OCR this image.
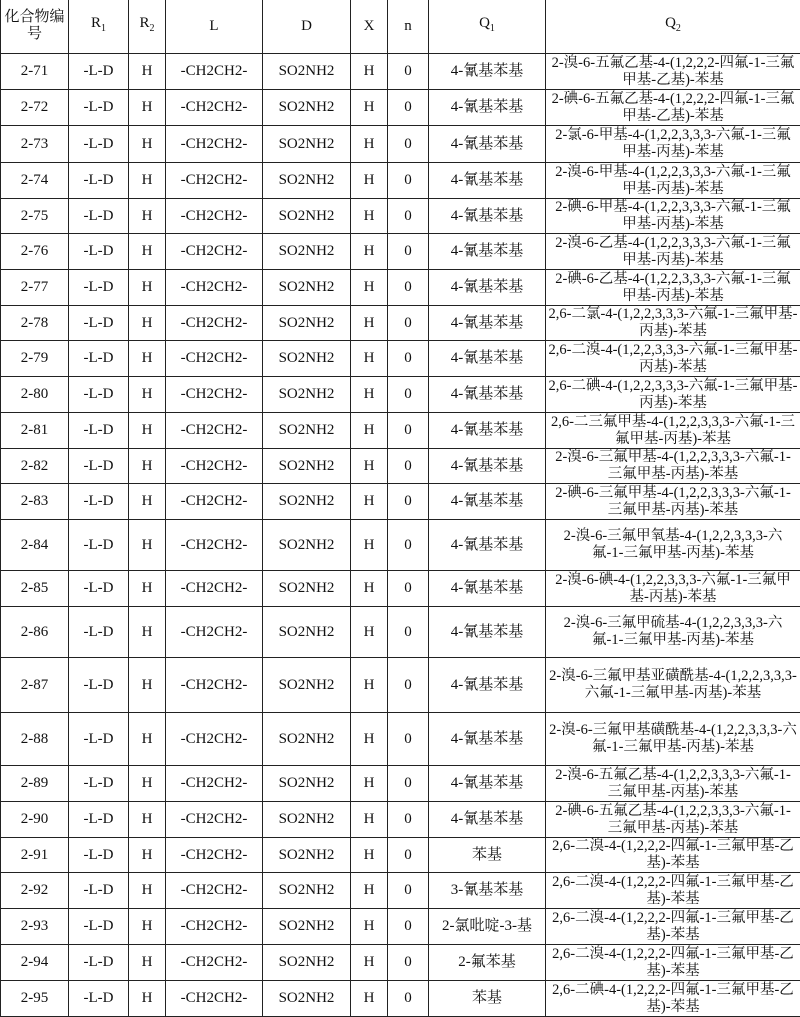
化合物编号	R1	R2	L	D	X	n	Q1	Q2
2-71	-L-D	H	-CH2CH2-	SO2NH2	H	0	4-氰基苯基	2-溴-6-五氟乙基-4-(1,2,2,2-四氟-1-三氟甲基-乙基)-苯基
2-72	-L-D	H	-CH2CH2-	SO2NH2	H	0	4-氰基苯基	2-碘-6-五氟乙基-4-(1,2,2,2-四氟-1-三氟甲基-乙基)-苯基
2-73	-L-D	H	-CH2CH2-	SO2NH2	H	0	4-氰基苯基	2-氯-6-甲基-4-(1,2,2,3,3,3-六氟-1-三氟甲基-丙基)-苯基
2-74	-L-D	H	-CH2CH2-	SO2NH2	H	0	4-氰基苯基	2-溴-6-甲基-4-(1,2,2,3,3,3-六氟-1-三氟甲基-丙基)-苯基
2-75	-L-D	H	-CH2CH2-	SO2NH2	H	0	4-氰基苯基	2-碘-6-甲基-4-(1,2,2,3,3,3-六氟-1-三氟甲基-丙基)-苯基
2-76	-L-D	H	-CH2CH2-	SO2NH2	H	0	4-氰基苯基	2-溴-6-乙基-4-(1,2,2,3,3,3-六氟-1-三氟甲基-丙基)-苯基
2-77	-L-D	H	-CH2CH2-	SO2NH2	H	0	4-氰基苯基	2-碘-6-乙基-4-(1,2,2,3,3,3-六氟-1-三氟甲基-丙基)-苯基
2-78	-L-D	H	-CH2CH2-	SO2NH2	H	0	4-氰基苯基	2,6-二氯-4-(1,2,2,3,3,3-六氟-1-三氟甲基-丙基)-苯基
2-79	-L-D	H	-CH2CH2-	SO2NH2	H	0	4-氰基苯基	2,6-二溴-4-(1,2,2,3,3,3-六氟-1-三氟甲基-丙基)-苯基
2-80	-L-D	H	-CH2CH2-	SO2NH2	H	0	4-氰基苯基	2,6-二碘-4-(1,2,2,3,3,3-六氟-1-三氟甲基-丙基)-苯基
2-81	-L-D	H	-CH2CH2-	SO2NH2	H	0	4-氰基苯基	2,6-二三氟甲基-4-(1,2,2,3,3,3-六氟-1-三氟甲基-丙基)-苯基
2-82	-L-D	H	-CH2CH2-	SO2NH2	H	0	4-氰基苯基	2-溴-6-三氟甲基-4-(1,2,2,3,3,3-六氟-1-三氟甲基-丙基)-苯基
2-83	-L-D	H	-CH2CH2-	SO2NH2	H	0	4-氰基苯基	2-碘-6-三氟甲基-4-(1,2,2,3,3,3-六氟-1-三氟甲基-丙基)-苯基
2-84	-L-D	H	-CH2CH2-	SO2NH2	H	0	4-氰基苯基	2-溴-6-三氟甲氧基-4-(1,2,2,3,3,3-六氟-1-三氟甲基-丙基)-苯基
2-85	-L-D	H	-CH2CH2-	SO2NH2	H	0	4-氰基苯基	2-溴-6-碘-4-(1,2,2,3,3,3-六氟-1-三氟甲基-丙基)-苯基
2-86	-L-D	H	-CH2CH2-	SO2NH2	H	0	4-氰基苯基	2-溴-6-三氟甲硫基-4-(1,2,2,3,3,3-六氟-1-三氟甲基-丙基)-苯基
2-87	-L-D	H	-CH2CH2-	SO2NH2	H	0	4-氰基苯基	2-溴-6-三氟甲基亚磺酰基-4-(1,2,2,3,3,3-六氟-1-三氟甲基-丙基)-苯基
2-88	-L-D	H	-CH2CH2-	SO2NH2	H	0	4-氰基苯基	2-溴-6-三氟甲基磺酰基-4-(1,2,2,3,3,3-六氟-1-三氟甲基-丙基)-苯基
2-89	-L-D	H	-CH2CH2-	SO2NH2	H	0	4-氰基苯基	2-溴-6-五氟乙基-4-(1,2,2,3,3,3-六氟-1-三氟甲基-丙基)-苯基
2-90	-L-D	H	-CH2CH2-	SO2NH2	H	0	4-氰基苯基	2-碘-6-五氟乙基-4-(1,2,2,3,3,3-六氟-1-三氟甲基-丙基)-苯基
2-91	-L-D	H	-CH2CH2-	SO2NH2	H	0	苯基	2,6-二溴-4-(1,2,2,2-四氟-1-三氟甲基-乙基)-苯基
2-92	-L-D	H	-CH2CH2-	SO2NH2	H	0	3-氰基苯基	2,6-二溴-4-(1,2,2,2-四氟-1-三氟甲基-乙基)-苯基
2-93	-L-D	H	-CH2CH2-	SO2NH2	H	0	2-氯吡啶-3-基	2,6-二溴-4-(1,2,2,2-四氟-1-三氟甲基-乙基)-苯基
2-94	-L-D	H	-CH2CH2-	SO2NH2	H	0	2-氟苯基	2,6-二溴-4-(1,2,2,2-四氟-1-三氟甲基-乙基)-苯基
2-95	-L-D	H	-CH2CH2-	SO2NH2	H	0	苯基	2,6-二碘-4-(1,2,2,2-四氟-1-三氟甲基-乙基)-苯基
